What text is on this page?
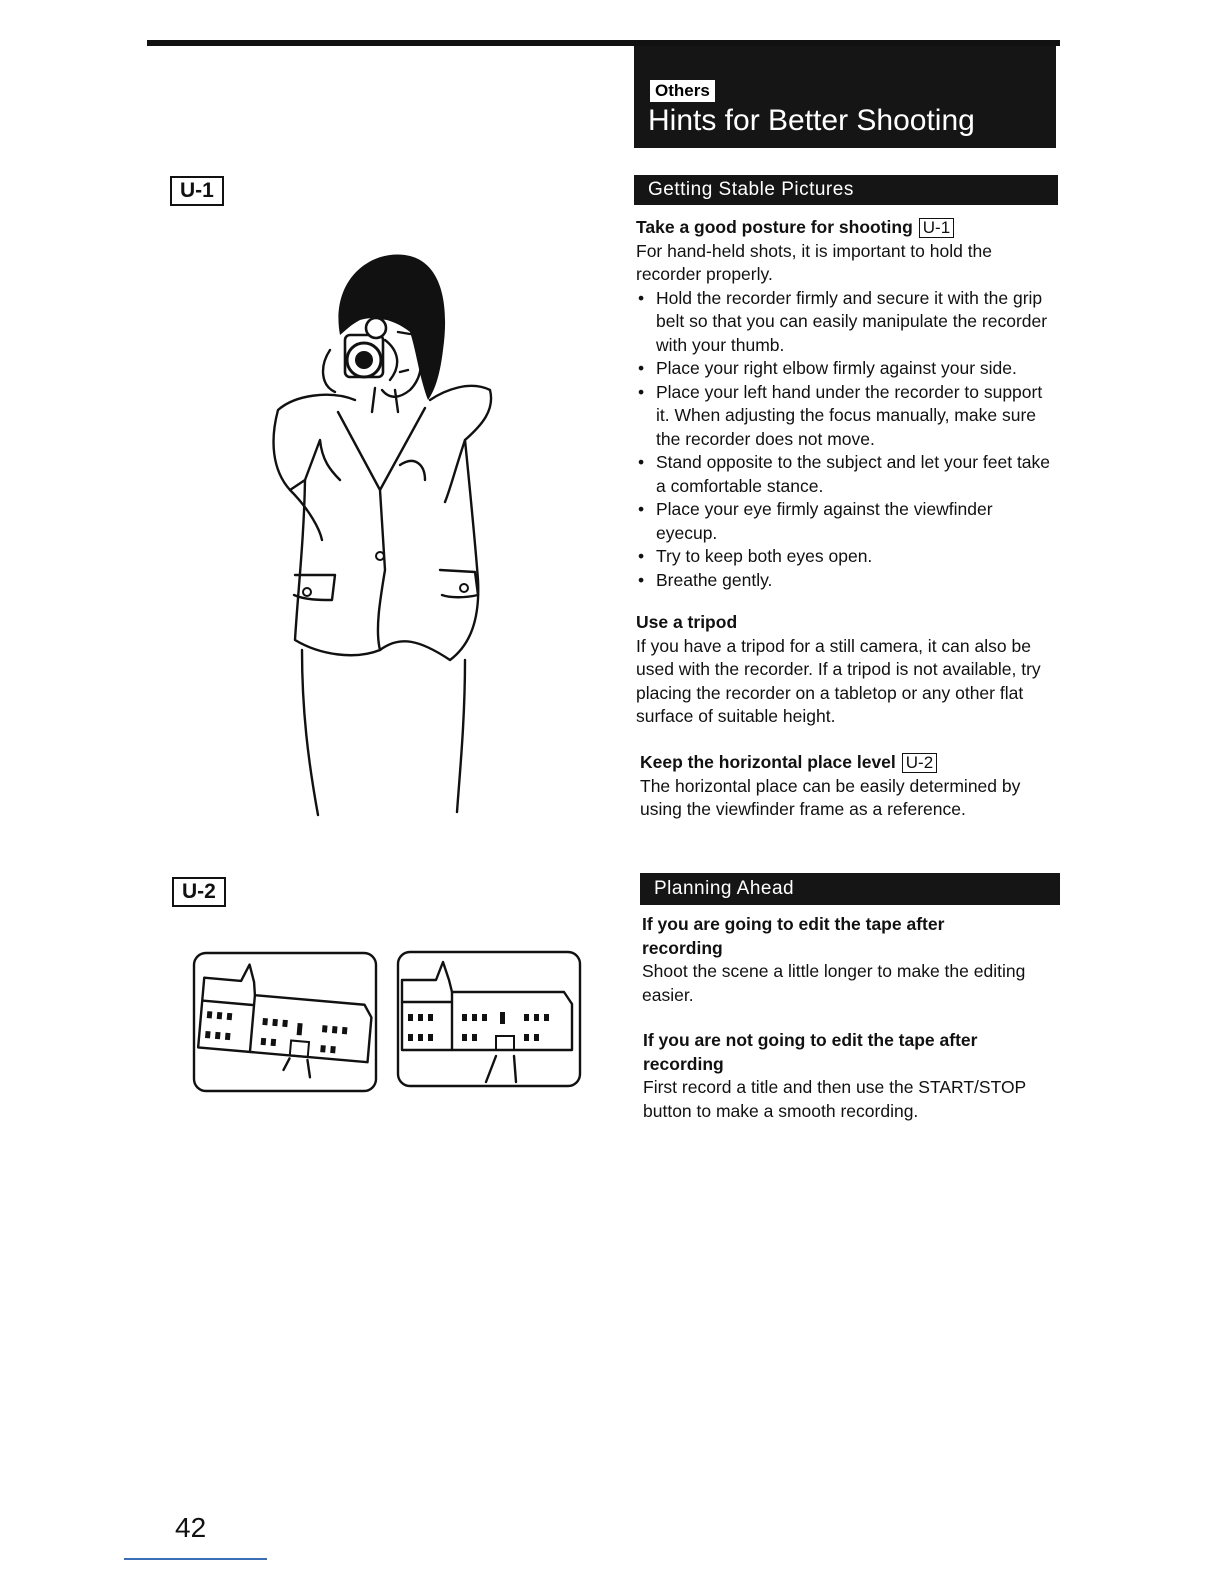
Others
Hints for Better Shooting
U-1
U-2
Getting Stable Pictures

Take a good posture for shooting U-1

For hand-held shots, it is important to hold the recorder properly.

• Hold the recorder firmly and secure it with the grip belt so that you can easily manipulate the recorder with your thumb.
• Place your right elbow firmly against your side.
• Place your left hand under the recorder to support it. When adjusting the focus manually, make sure the recorder does not move.
• Stand opposite to the subject and let your feet take a comfortable stance.
• Place your eye firmly against the viewfinder eyecup.
• Try to keep both eyes open.
• Breathe gently.

Use a tripod

If you have a tripod for a still camera, it can also be used with the recorder. If a tripod is not available, try placing the recorder on a tabletop or any other flat surface of suitable height.

Keep the horizontal place level U-2

The horizontal place can be easily determined by using the viewfinder frame as a reference.

Planning Ahead

If you are going to edit the tape after recording

Shoot the scene a little longer to make the editing easier.

If you are not going to edit the tape after recording

First record a title and then use the START/STOP button to make a smooth recording.

42
